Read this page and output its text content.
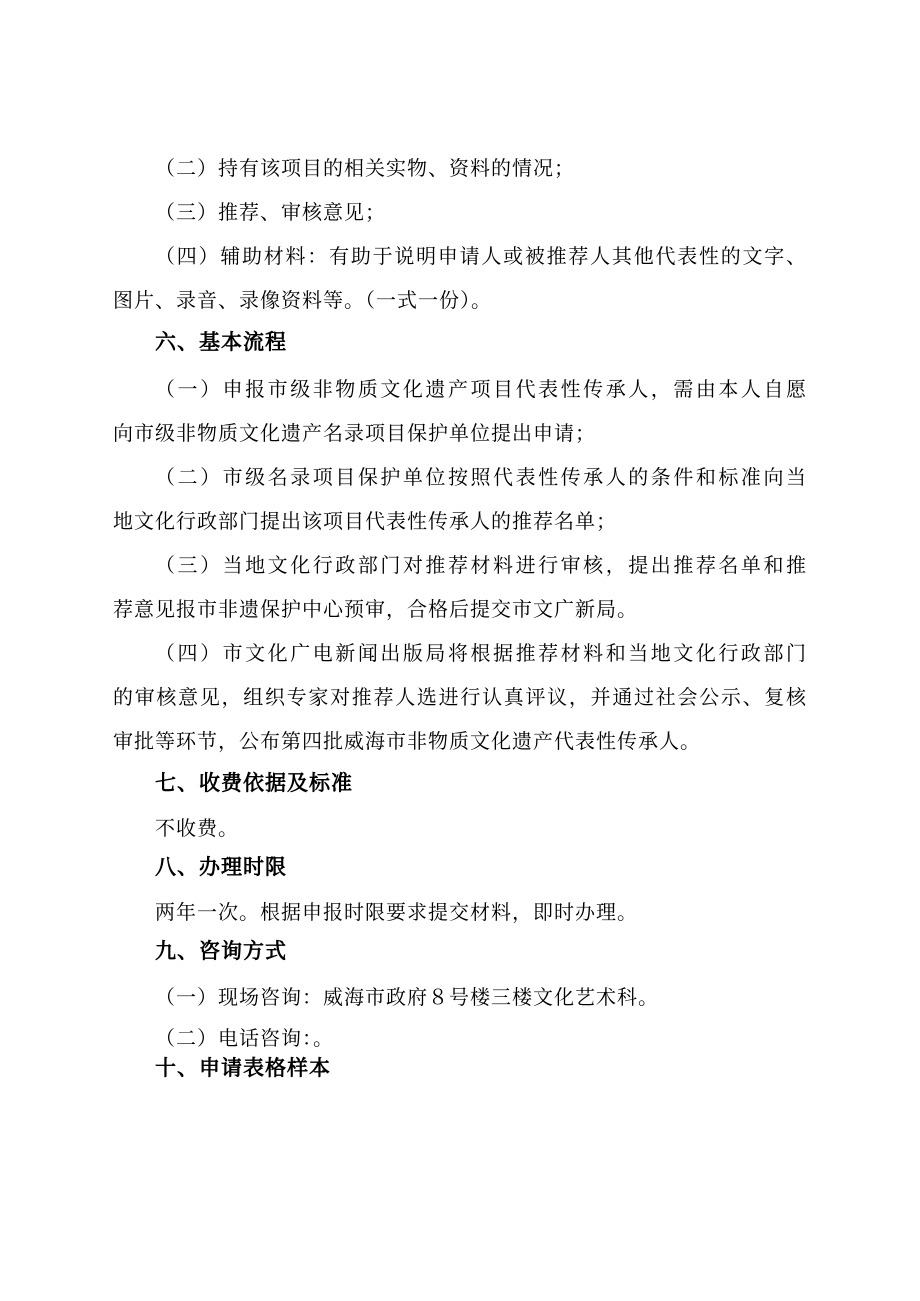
（二）持有该项目的相关实物、资料的情况；
（三）推荐、审核意见；
（四）辅助材料：有助于说明申请人或被推荐人其他代表性的文字、
图片、录音、录像资料等。（一式一份）。
六、基本流程
（一）申报市级非物质文化遗产项目代表性传承人，需由本人自愿
向市级非物质文化遗产名录项目保护单位提出申请；
（二）市级名录项目保护单位按照代表性传承人的条件和标准向当
地文化行政部门提出该项目代表性传承人的推荐名单；
（三）当地文化行政部门对推荐材料进行审核，提出推荐名单和推
荐意见报市非遗保护中心预审，合格后提交市文广新局。
（四）市文化广电新闻出版局将根据推荐材料和当地文化行政部门
的审核意见，组织专家对推荐人选进行认真评议，并通过社会公示、复核
审批等环节，公布第四批威海市非物质文化遗产代表性传承人。
七、收费依据及标准
不收费。
八、办理时限
两年一次。根据申报时限要求提交材料，即时办理。
九、咨询方式
（一）现场咨询：威海市政府８号楼三楼文化艺术科。
（二）电话咨询：。
十、申请表格样本
